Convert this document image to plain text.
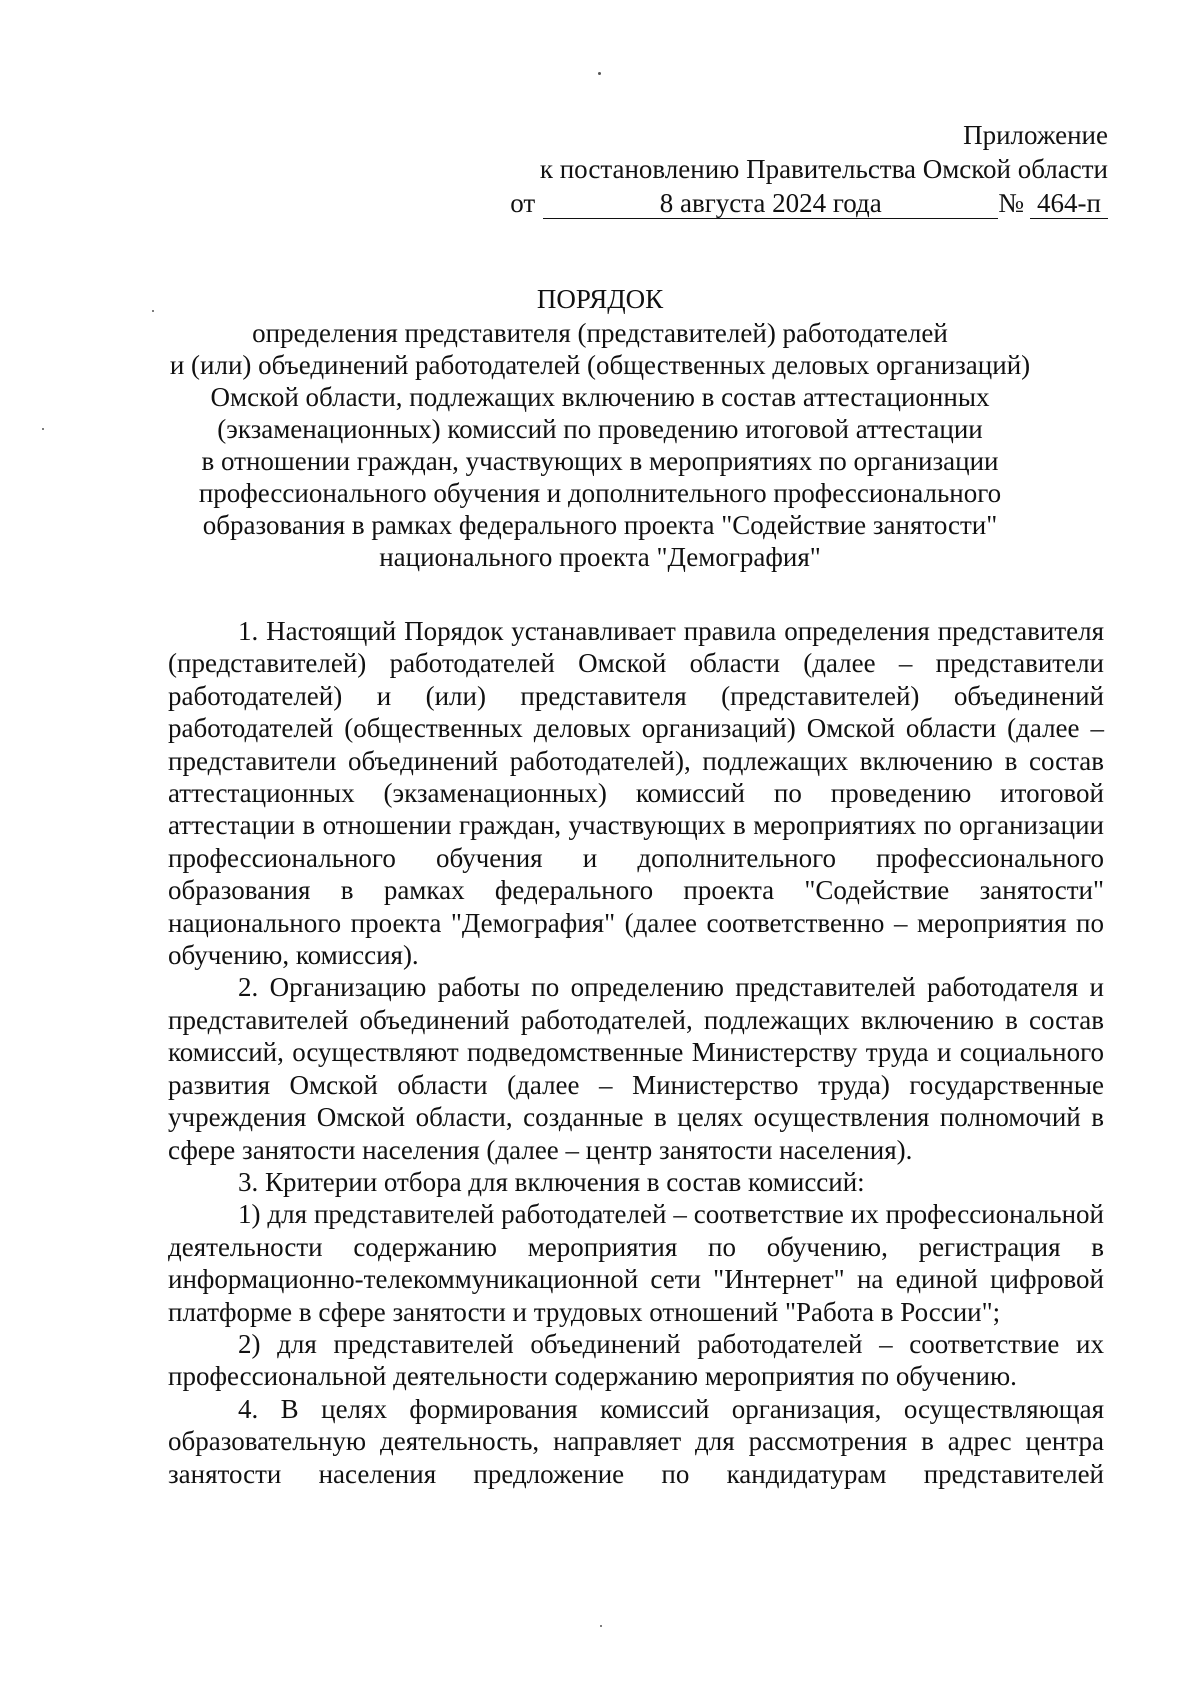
Приложение
к постановлению Правительства Омской области
от	8 августа 2024 года	№ 464-п
ПОРЯДОК
определения представителя (представителей) работодателей
и (или) объединений работодателей (общественных деловых организаций)
Омской области, подлежащих включению в состав аттестационных
(экзаменационных) комиссий по проведению итоговой аттестации
в отношении граждан, участвующих в мероприятиях по организации
профессионального обучения и дополнительного профессионального
образования в рамках федерального проекта "Содействие занятости"
национального проекта "Демография"

1. Настоящий Порядок устанавливает правила определения представителя (представителей) работодателей Омской области (далее – представители работодателей) и (или) представителя (представителей) объединений работодателей (общественных деловых организаций) Омской области (далее – представители объединений работодателей), подлежащих включению в состав аттестационных (экзаменационных) комиссий по проведению итоговой аттестации в отношении граждан, участвующих в мероприятиях по организации профессионального обучения и дополнительного профессионального образования в рамках федерального проекта "Содействие занятости" национального проекта "Демография" (далее соответственно – мероприятия по обучению, комиссия).

2. Организацию работы по определению представителей работодателя и представителей объединений работодателей, подлежащих включению в состав комиссий, осуществляют подведомственные Министерству труда и социального развития Омской области (далее – Министерство труда) государственные учреждения Омской области, созданные в целях осуществления полномочий в сфере занятости населения (далее – центр занятости населения).

3. Критерии отбора для включения в состав комиссий:

1) для представителей работодателей – соответствие их профессиональной деятельности содержанию мероприятия по обучению, регистрация в информационно-телекоммуникационной сети "Интернет" на единой цифровой платформе в сфере занятости и трудовых отношений "Работа в России";

2) для представителей объединений работодателей – соответствие их профессиональной деятельности содержанию мероприятия по обучению.

4. В целях формирования комиссий организация, осуществляющая образовательную деятельность, направляет для рассмотрения в адрес центра занятости населения предложение по кандидатурам представителей
